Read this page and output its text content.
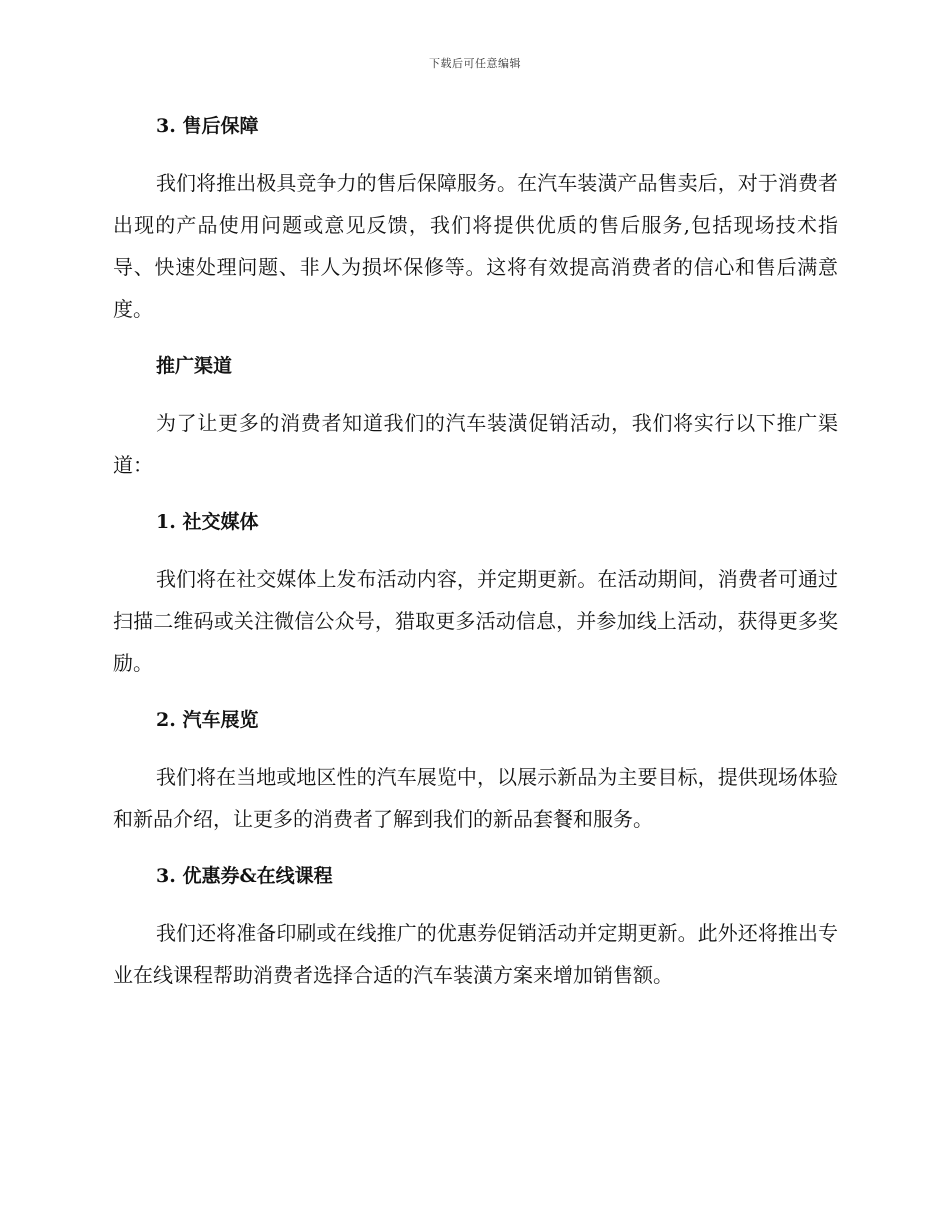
下载后可任意编辑
3. 售后保障
我们将推出极具竞争力的售后保障服务。在汽车装潢产品售卖后，对于消费者出现的产品使用问题或意见反馈，我们将提供优质的售后服务,包括现场技术指导、快速处理问题、非人为损坏保修等。这将有效提高消费者的信心和售后满意度。
推广渠道
为了让更多的消费者知道我们的汽车装潢促销活动，我们将实行以下推广渠道：
1. 社交媒体
我们将在社交媒体上发布活动内容，并定期更新。在活动期间，消费者可通过扫描二维码或关注微信公众号，猎取更多活动信息，并参加线上活动，获得更多奖励。
2. 汽车展览
我们将在当地或地区性的汽车展览中，以展示新品为主要目标，提供现场体验和新品介绍，让更多的消费者了解到我们的新品套餐和服务。
3. 优惠券&在线课程
我们还将准备印刷或在线推广的优惠券促销活动并定期更新。此外还将推出专业在线课程帮助消费者选择合适的汽车装潢方案来增加销售额。
